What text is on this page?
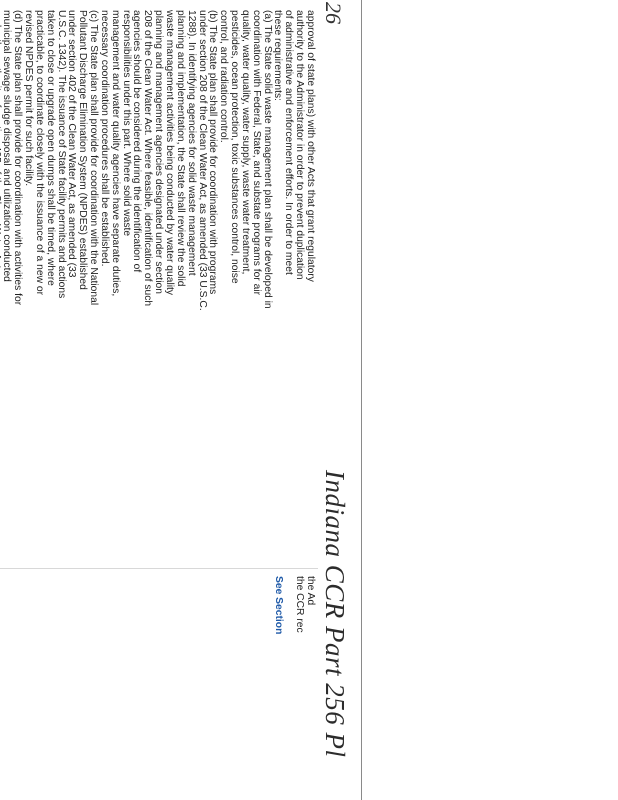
26
Indiana CCR Part 256 Pl
approval of state plans) with other Acts that grant regulatory
authority to the Administrator in order to prevent duplication
of administrative and enforcement efforts. In order to meet
these requirements:
(a) The State solid waste management plan shall be developed in
coordination with Federal, State, and substate programs for air
quality, water quality, water supply, waste water treatment,
pesticides, ocean protection, toxic substances control, noise
control, and radiation control.
(b) The State plan shall provide for coordination with programs
under section 208 of the Clean Water Act, as amended (33 U.S.C.
1288). In identifying agencies for solid waste management
planning and implementation, the State shall review the solid
waste management activities being conducted by water quality
planning and management agencies designated under section
208 of the Clean Water Act. Where feasible, identification of such
agencies should be considered during the identification of
responsibilities under this part. Where solid waste
management and water quality agencies have separate duties,
necessary coordination procedures shall be established.
(c) The State plan shall provide for coordination with the National
Pollutant Discharge Elimination System (NPDES) established
under section 402 of the Clean Water Act, as amended (33
U.S.C. 1342). The issuance of State facility permits and actions
taken to close or upgrade open dumps shall be timed, where
practicable, to coordinate closely with the issuance of a new or
revised NPDES permit for such facility.
(d) The State plan shall provide for coordination with activities for
municipal sewage sludge disposal and utilization conducted
the Ad
the CCR rec
See Section
